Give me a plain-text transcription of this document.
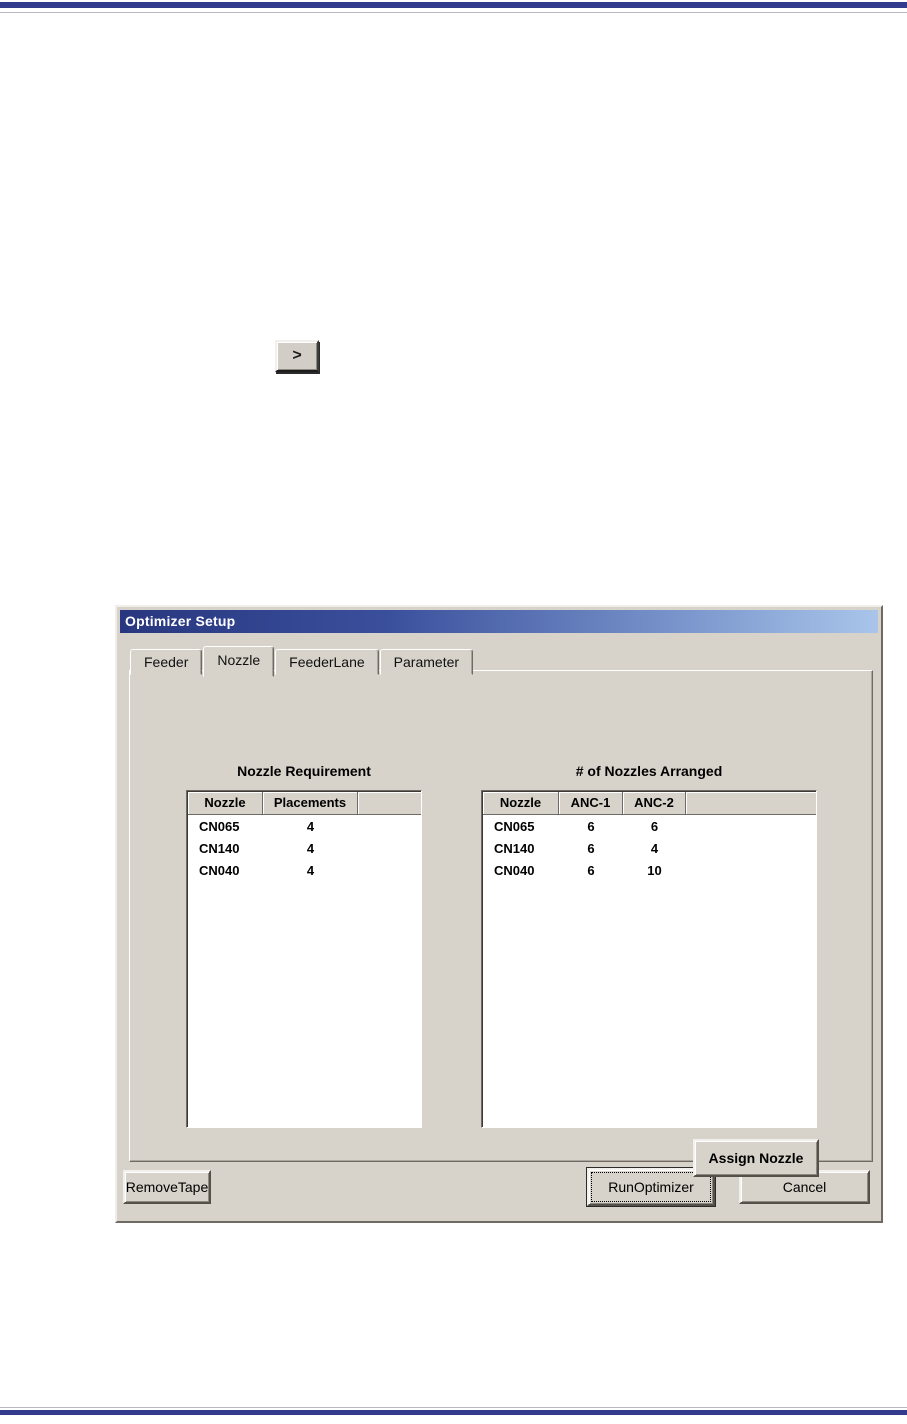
>
Optimizer Setup
Feeder	Nozzle	FeederLane	Parameter
Nozzle Requirement	# of Nozzles Arranged
Nozzle	Placements
CN065	4
CN140	4
CN040	4
Nozzle	ANC-1	ANC-2
CN065	6	6
CN140	6	4
CN040	6	10
Assign Nozzle
RemoveTape	RunOptimizer	Cancel
